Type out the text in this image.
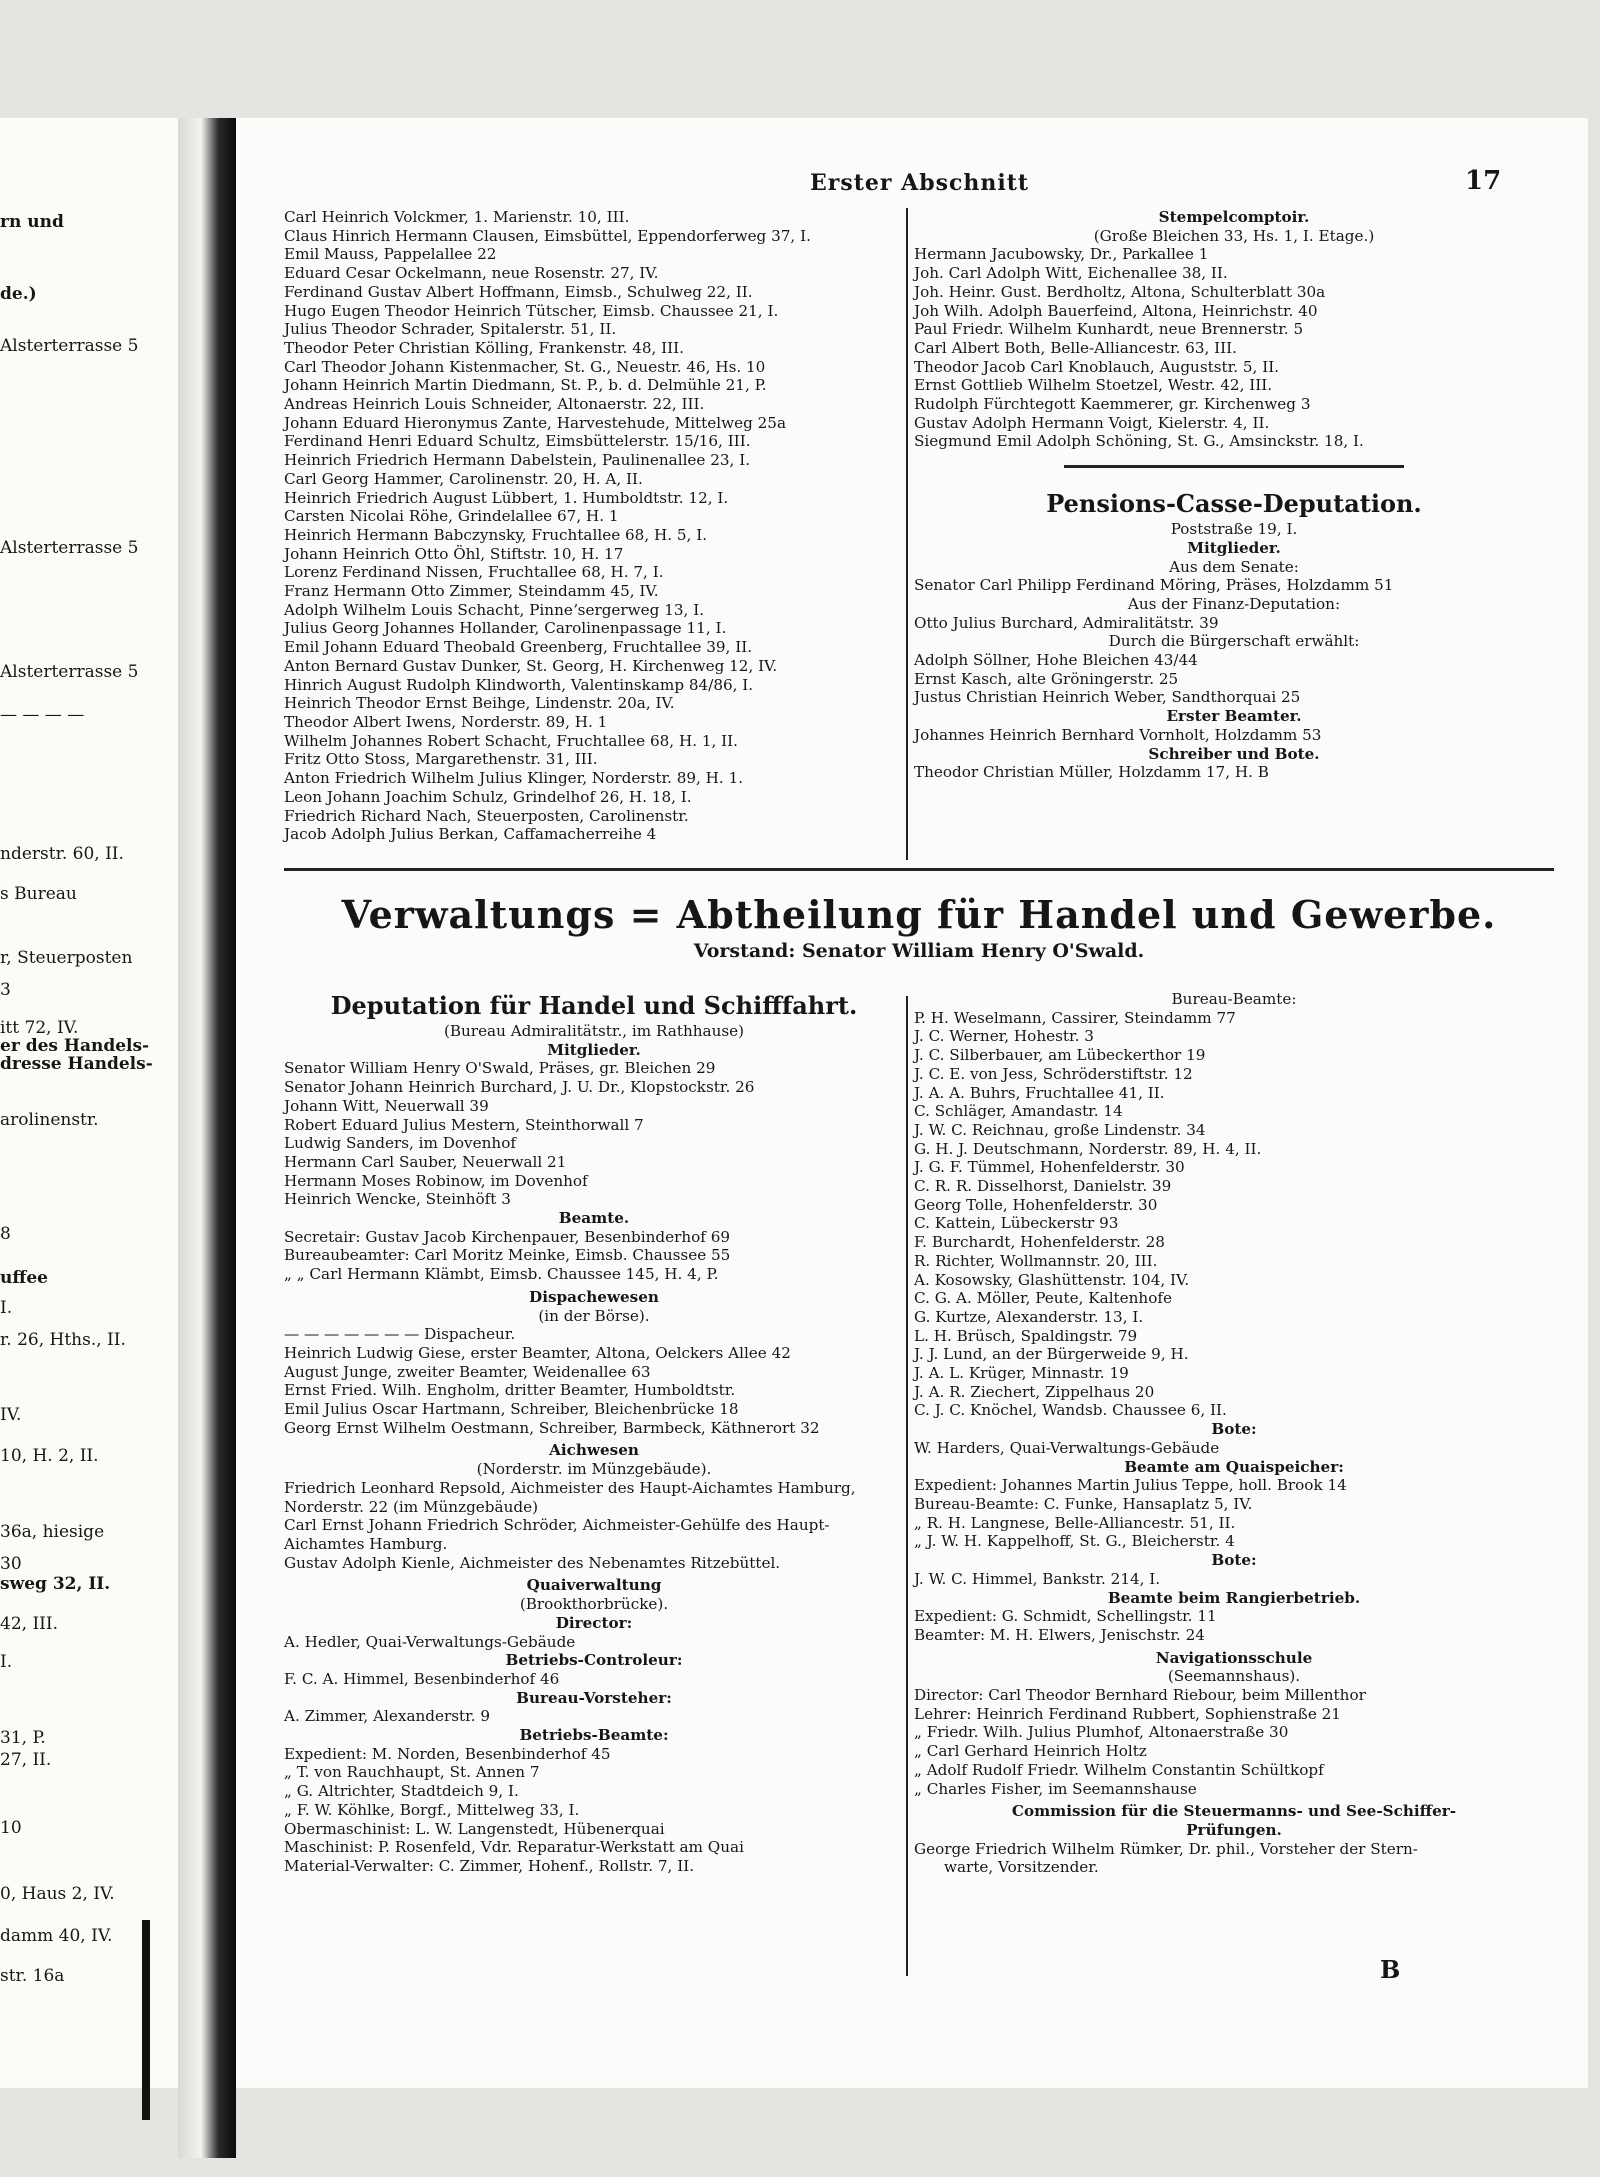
rn und
de.)
Alsterterrasse 5
Alsterterrasse 5
Alsterterrasse 5
— — — —
nderstr. 60, II.
s Bureau
r, Steuerposten
3
itt 72, IV.
er des Handels-
dresse Handels-
arolinenstr.
8
uffee
I.
r. 26, Hths., II.
IV.
10, H. 2, II.
36a, hiesige
30
sweg 32, II.
42, III.
I.
31, P.
27, II.
10
0, Haus 2, IV.
damm 40, IV.
str. 16a
Erster Abschnitt	17
Carl Heinrich Volckmer, 1. Marienstr. 10, III.
Claus Hinrich Hermann Clausen, Eimsbüttel, Eppendorferweg 37, I.
Emil Mauss, Pappelallee 22
Eduard Cesar Ockelmann, neue Rosenstr. 27, IV.
Ferdinand Gustav Albert Hoffmann, Eimsb., Schulweg 22, II.
Hugo Eugen Theodor Heinrich Tütscher, Eimsb. Chaussee 21, I.
Julius Theodor Schrader, Spitalerstr. 51, II.
Theodor Peter Christian Kölling, Frankenstr. 48, III.
Carl Theodor Johann Kistenmacher, St. G., Neuestr. 46, Hs. 10
Johann Heinrich Martin Diedmann, St. P., b. d. Delmühle 21, P.
Andreas Heinrich Louis Schneider, Altonaerstr. 22, III.
Johann Eduard Hieronymus Zante, Harvestehude, Mittelweg 25a
Ferdinand Henri Eduard Schultz, Eimsbüttelerstr. 15/16, III.
Heinrich Friedrich Hermann Dabelstein, Paulinenallee 23, I.
Carl Georg Hammer, Carolinenstr. 20, H. A, II.
Heinrich Friedrich August Lübbert, 1. Humboldtstr. 12, I.
Carsten Nicolai Röhe, Grindelallee 67, H. 1
Heinrich Hermann Babczynsky, Fruchtallee 68, H. 5, I.
Johann Heinrich Otto Öhl, Stiftstr. 10, H. 17
Lorenz Ferdinand Nissen, Fruchtallee 68, H. 7, I.
Franz Hermann Otto Zimmer, Steindamm 45, IV.
Adolph Wilhelm Louis Schacht, Pinneʼsergerweg 13, I.
Julius Georg Johannes Hollander, Carolinenpassage 11, I.
Emil Johann Eduard Theobald Greenberg, Fruchtallee 39, II.
Anton Bernard Gustav Dunker, St. Georg, H. Kirchenweg 12, IV.
Hinrich August Rudolph Klindworth, Valentinskamp 84/86, I.
Heinrich Theodor Ernst Beihge, Lindenstr. 20a, IV.
Theodor Albert Iwens, Norderstr. 89, H. 1
Wilhelm Johannes Robert Schacht, Fruchtallee 68, H. 1, II.
Fritz Otto Stoss, Margarethenstr. 31, III.
Anton Friedrich Wilhelm Julius Klinger, Norderstr. 89, H. 1.
Leon Johann Joachim Schulz, Grindelhof 26, H. 18, I.
Friedrich Richard Nach, Steuerposten, Carolinenstr.
Jacob Adolph Julius Berkan, Caffamacherreihe 4
Stempelcomptoir.
(Große Bleichen 33, Hs. 1, I. Etage.)
Hermann Jacubowsky, Dr., Parkallee 1
Joh. Carl Adolph Witt, Eichenallee 38, II.
Joh. Heinr. Gust. Berdholtz, Altona, Schulterblatt 30a
Joh Wilh. Adolph Bauerfeind, Altona, Heinrichstr. 40
Paul Friedr. Wilhelm Kunhardt, neue Brennerstr. 5
Carl Albert Both, Belle-Alliancestr. 63, III.
Theodor Jacob Carl Knoblauch, Auguststr. 5, II.
Ernst Gottlieb Wilhelm Stoetzel, Westr. 42, III.
Rudolph Fürchtegott Kaemmerer, gr. Kirchenweg 3
Gustav Adolph Hermann Voigt, Kielerstr. 4, II.
Siegmund Emil Adolph Schöning, St. G., Amsinckstr. 18, I.
Pensions-Casse-Deputation.
Poststraße 19, I.
Mitglieder.
Aus dem Senate:
Senator Carl Philipp Ferdinand Möring, Präses, Holzdamm 51
Aus der Finanz-Deputation:
Otto Julius Burchard, Admiralitätstr. 39
Durch die Bürgerschaft erwählt:
Adolph Söllner, Hohe Bleichen 43/44
Ernst Kasch, alte Gröningerstr. 25
Justus Christian Heinrich Weber, Sandthorquai 25
Erster Beamter.
Johannes Heinrich Bernhard Vornholt, Holzdamm 53
Schreiber und Bote.
Theodor Christian Müller, Holzdamm 17, H. B
Verwaltungs = Abtheilung für Handel und Gewerbe.
Vorstand: Senator William Henry O'Swald.
Deputation für Handel und Schifffahrt.
(Bureau Admiralitätstr., im Rathhause)
Mitglieder.
Senator William Henry O'Swald, Präses, gr. Bleichen 29
Senator Johann Heinrich Burchard, J. U. Dr., Klopstockstr. 26
Johann Witt, Neuerwall 39
Robert Eduard Julius Mestern, Steinthorwall 7
Ludwig Sanders, im Dovenhof
Hermann Carl Sauber, Neuerwall 21
Hermann Moses Robinow, im Dovenhof
Heinrich Wencke, Steinhöft 3
Beamte.
Secretair: Gustav Jacob Kirchenpauer, Besenbinderhof 69
Bureaubeamter: Carl Moritz Meinke, Eimsb. Chaussee 55
„ „ Carl Hermann Klämbt, Eimsb. Chaussee 145, H. 4, P.
Dispachewesen
(in der Börse).
— — — — — — — Dispacheur.
Heinrich Ludwig Giese, erster Beamter, Altona, Oelckers Allee 42
August Junge, zweiter Beamter, Weidenallee 63
Ernst Fried. Wilh. Engholm, dritter Beamter, Humboldtstr.
Emil Julius Oscar Hartmann, Schreiber, Bleichenbrücke 18
Georg Ernst Wilhelm Oestmann, Schreiber, Barmbeck, Käthnerort 32
Aichwesen
(Norderstr. im Münzgebäude).
Friedrich Leonhard Repsold, Aichmeister des Haupt-Aichamtes Hamburg,
Norderstr. 22 (im Münzgebäude)
Carl Ernst Johann Friedrich Schröder, Aichmeister-Gehülfe des Haupt-
Aichamtes Hamburg.
Gustav Adolph Kienle, Aichmeister des Nebenamtes Ritzebüttel.
Quaiverwaltung
(Brookthorbrücke).
Director:
A. Hedler, Quai-Verwaltungs-Gebäude
Betriebs-Controleur:
F. C. A. Himmel, Besenbinderhof 46
Bureau-Vorsteher:
A. Zimmer, Alexanderstr. 9
Betriebs-Beamte:
Expedient: M. Norden, Besenbinderhof 45
„ T. von Rauchhaupt, St. Annen 7
„ G. Altrichter, Stadtdeich 9, I.
„ F. W. Köhlke, Borgf., Mittelweg 33, I.
Obermaschinist: L. W. Langenstedt, Hübenerquai
Maschinist: P. Rosenfeld, Vdr. Reparatur-Werkstatt am Quai
Material-Verwalter: C. Zimmer, Hohenf., Rollstr. 7, II.
Bureau-Beamte:
P. H. Weselmann, Cassirer, Steindamm 77
J. C. Werner, Hohestr. 3
J. C. Silberbauer, am Lübeckerthor 19
J. C. E. von Jess, Schröderstiftstr. 12
J. A. A. Buhrs, Fruchtallee 41, II.
C. Schläger, Amandastr. 14
J. W. C. Reichnau, große Lindenstr. 34
G. H. J. Deutschmann, Norderstr. 89, H. 4, II.
J. G. F. Tümmel, Hohenfelderstr. 30
C. R. R. Disselhorst, Danielstr. 39
Georg Tolle, Hohenfelderstr. 30
C. Kattein, Lübeckerstr 93
F. Burchardt, Hohenfelderstr. 28
R. Richter, Wollmannstr. 20, III.
A. Kosowsky, Glashüttenstr. 104, IV.
C. G. A. Möller, Peute, Kaltenhofe
G. Kurtze, Alexanderstr. 13, I.
L. H. Brüsch, Spaldingstr. 79
J. J. Lund, an der Bürgerweide 9, H.
J. A. L. Krüger, Minnastr. 19
J. A. R. Ziechert, Zippelhaus 20
C. J. C. Knöchel, Wandsb. Chaussee 6, II.
Bote:
W. Harders, Quai-Verwaltungs-Gebäude
Beamte am Quaispeicher:
Expedient: Johannes Martin Julius Teppe, holl. Brook 14
Bureau-Beamte: C. Funke, Hansaplatz 5, IV.
„ R. H. Langnese, Belle-Alliancestr. 51, II.
„ J. W. H. Kappelhoff, St. G., Bleicherstr. 4
Bote:
J. W. C. Himmel, Bankstr. 214, I.
Beamte beim Rangierbetrieb.
Expedient: G. Schmidt, Schellingstr. 11
Beamter: M. H. Elwers, Jenischstr. 24
Navigationsschule
(Seemannshaus).
Director: Carl Theodor Bernhard Riebour, beim Millenthor
Lehrer: Heinrich Ferdinand Rubbert, Sophienstraße 21
„ Friedr. Wilh. Julius Plumhof, Altonaerstraße 30
„ Carl Gerhard Heinrich Holtz
„ Adolf Rudolf Friedr. Wilhelm Constantin Schültkopf
„ Charles Fisher, im Seemannshause
Commission für die Steuermanns- und See-Schiffer-
Prüfungen.
George Friedrich Wilhelm Rümker, Dr. phil., Vorsteher der Stern-
warte, Vorsitzender.
B
